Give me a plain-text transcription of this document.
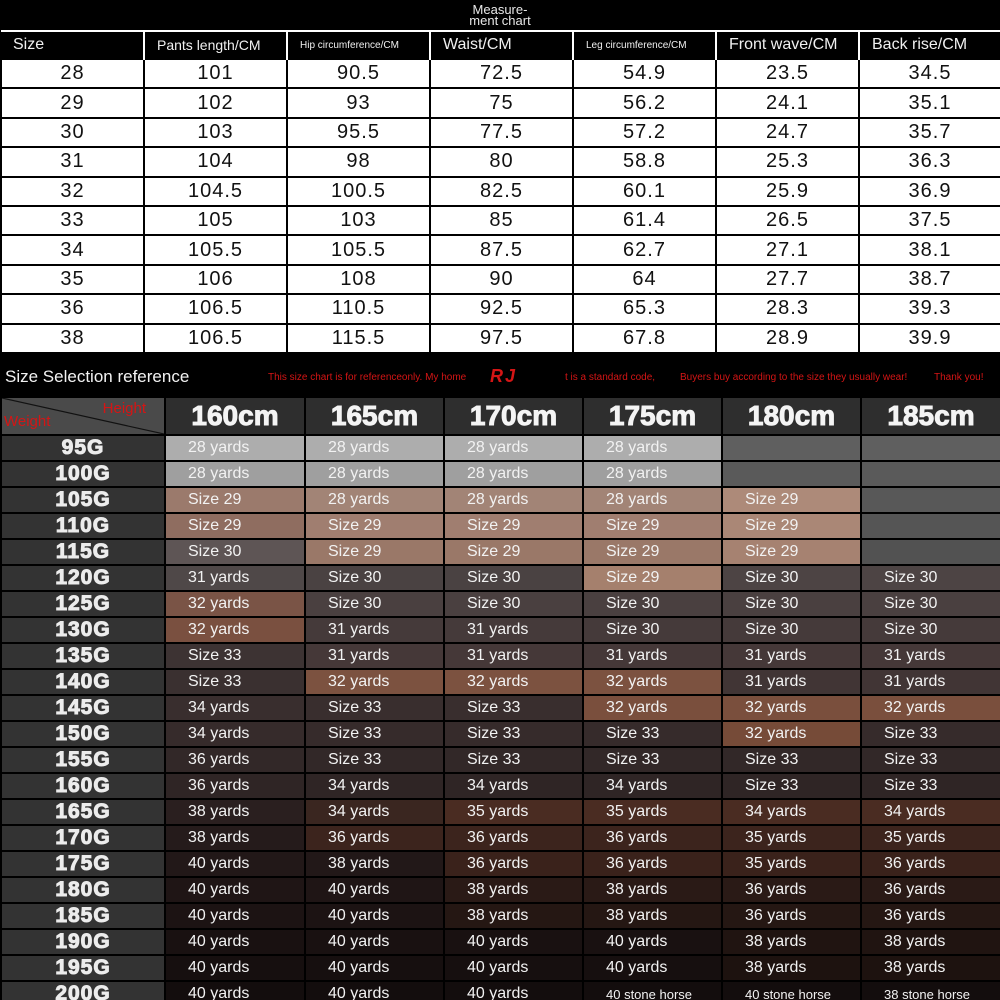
Measure-
ment chart
Size	Pants length/CM	Hip circumference/CM	Waist/CM	Leg circumference/CM	Front wave/CM	Back rise/CM
28	101	90.5	72.5	54.9	23.5	34.5
29	102	93	75	56.2	24.1	35.1
30	103	95.5	77.5	57.2	24.7	35.7
31	104	98	80	58.8	25.3	36.3
32	104.5	100.5	82.5	60.1	25.9	36.9
33	105	103	85	61.4	26.5	37.5
34	105.5	105.5	87.5	62.7	27.1	38.1
35	106	108	90	64	27.7	38.7
36	106.5	110.5	92.5	65.3	28.3	39.3
38	106.5	115.5	97.5	67.8	28.9	39.9
Size Selection reference	This size chart is for referenceonly. My home RJ	t is a standard code, Buyers buy according to the size they usually wear!	Thank you!
Height
Weight	160cm	165cm	170cm	175cm	180cm	185cm
95G	28 yards	28 yards	28 yards	28 yards		
100G	28 yards	28 yards	28 yards	28 yards		
105G	Size 29	28 yards	28 yards	28 yards	Size 29	
110G	Size 29	Size 29	Size 29	Size 29	Size 29	
115G	Size 30	Size 29	Size 29	Size 29	Size 29	
120G	31 yards	Size 30	Size 30	Size 29	Size 30	Size 30
125G	32 yards	Size 30	Size 30	Size 30	Size 30	Size 30
130G	32 yards	31 yards	31 yards	Size 30	Size 30	Size 30
135G	Size 33	31 yards	31 yards	31 yards	31 yards	31 yards
140G	Size 33	32 yards	32 yards	32 yards	31 yards	31 yards
145G	34 yards	Size 33	Size 33	32 yards	32 yards	32 yards
150G	34 yards	Size 33	Size 33	Size 33	32 yards	Size 33
155G	36 yards	Size 33	Size 33	Size 33	Size 33	Size 33
160G	36 yards	34 yards	34 yards	34 yards	Size 33	Size 33
165G	38 yards	34 yards	35 yards	35 yards	34 yards	34 yards
170G	38 yards	36 yards	36 yards	36 yards	35 yards	35 yards
175G	40 yards	38 yards	36 yards	36 yards	35 yards	36 yards
180G	40 yards	40 yards	38 yards	38 yards	36 yards	36 yards
185G	40 yards	40 yards	38 yards	38 yards	36 yards	36 yards
190G	40 yards	40 yards	40 yards	40 yards	38 yards	38 yards
195G	40 yards	40 yards	40 yards	40 yards	38 yards	38 yards
200G	40 yards	40 yards	40 yards	40 stone horse	40 stone horse	38 stone horse
